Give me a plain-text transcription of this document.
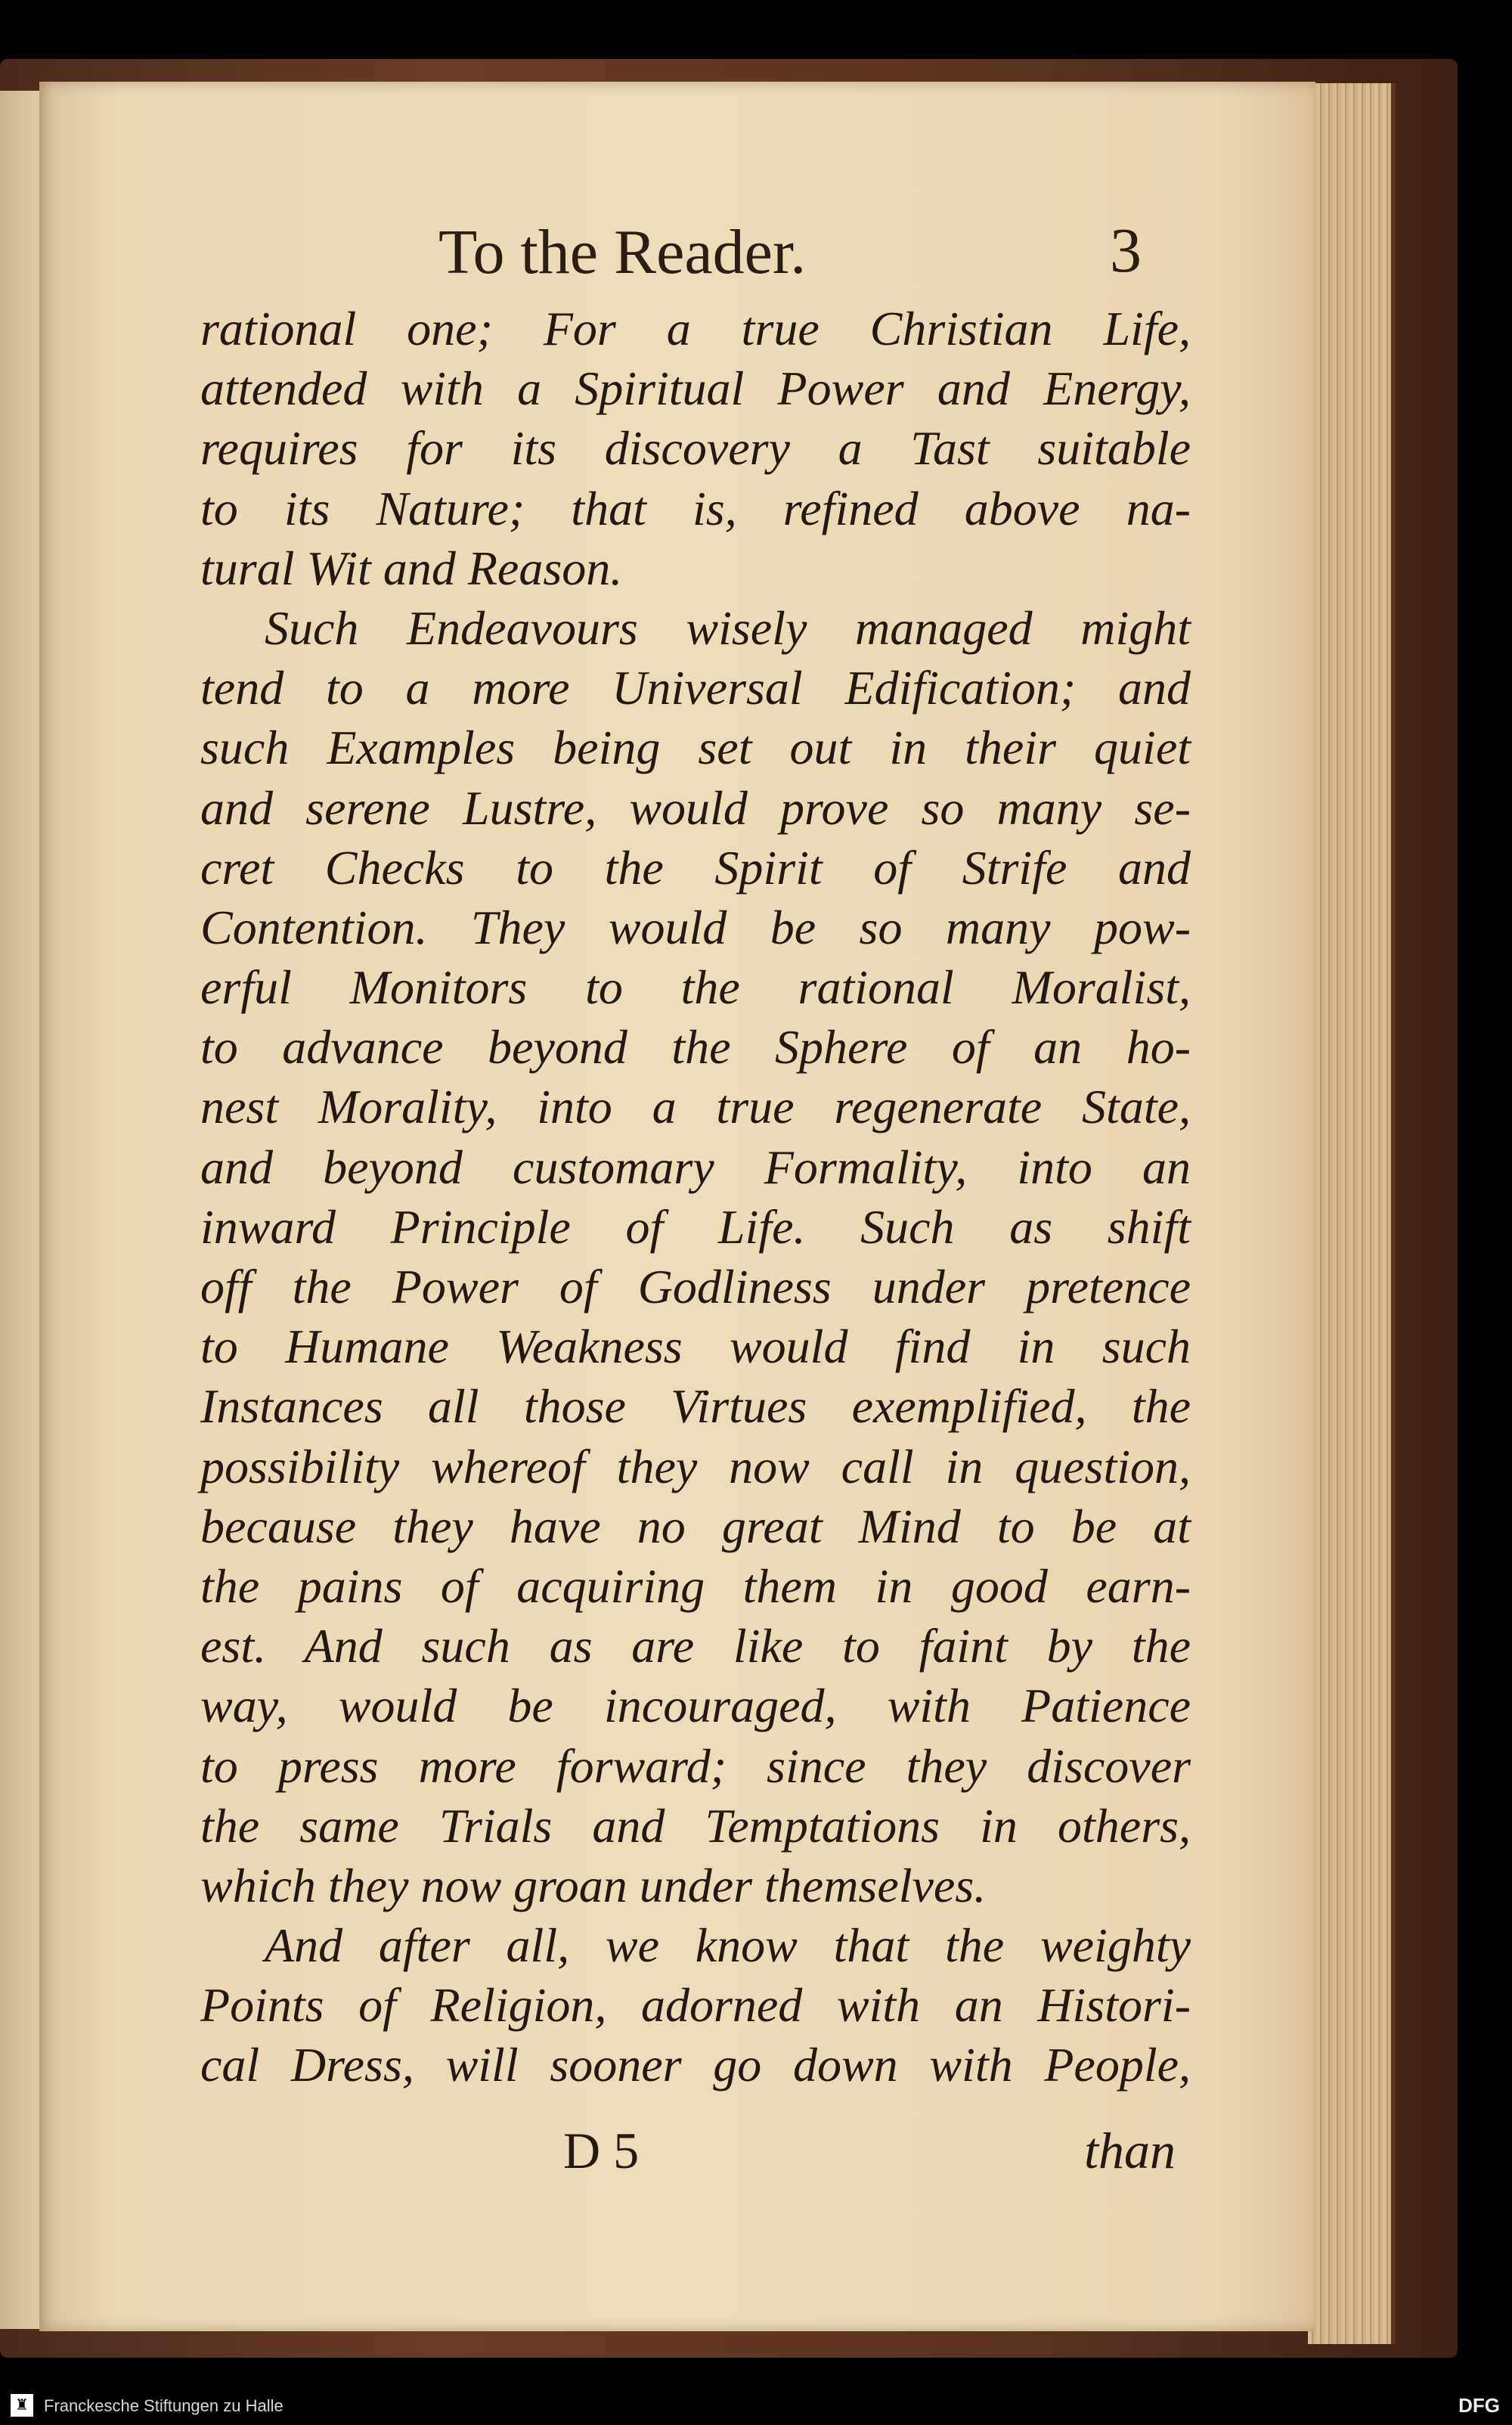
To the Reader.	3
rational one; For a true Christian Life,
attended with a Spiritual Power and Energy,
requires for its discovery a Tast suitable
to its Nature; that is, refined above na-
tural Wit and Reason.
Such Endeavours wisely managed might
tend to a more Universal Edification; and
such Examples being set out in their quiet
and serene Lustre, would prove so many se-
cret Checks to the Spirit of Strife and
Contention. They would be so many pow-
erful Monitors to the rational Moralist,
to advance beyond the Sphere of an ho-
nest Morality, into a true regenerate State,
and beyond customary Formality, into an
inward Principle of Life. Such as shift
off the Power of Godliness under pretence
to Humane Weakness would find in such
Instances all those Virtues exemplified, the
possibility whereof they now call in question,
because they have no great Mind to be at
the pains of acquiring them in good earn-
est. And such as are like to faint by the
way, would be incouraged, with Patience
to press more forward; since they discover
the same Trials and Temptations in others,
which they now groan under themselves.
And after all, we know that the weighty
Points of Religion, adorned with an Histori-
cal Dress, will sooner go down with People,
D 5	than
♜ Franckesche Stiftungen zu Halle	DFG
